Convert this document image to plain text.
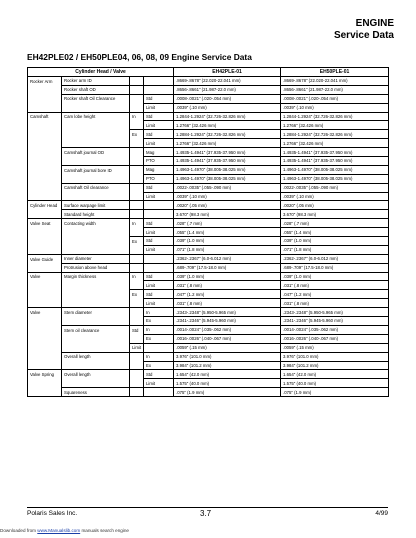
ENGINE
Service Data
EH42PLE02 / EH50PLE04, 06, 08, 09 Engine Service Data
Cylinder Head / Valve				EH42PLE-01	EH50PLE-01
Rocker Arm	Rocker arm ID			.8669-.8678" (22.020-22.041 mm)	.8669-.8678" (22.020-22.041 mm)
	Rocker shaft OD			.8656-.8661" (21.987-22.0 mm)	.8656-.8661" (21.987-22.0 mm)
	Rocker shaft Oil Clearance		Std	.0008-.0021" (.020-.054 mm)	.0008-.0021" (.020-.054 mm)
			Limit	.0039" (.10 mm)	.0039" (.10 mm)
Camshaft	Cam lobe height	In	Std	1.2844-1.2924" (32.726-32.826 mm)	1.2844-1.2924" (32.726-32.826 mm)
			Limit	1.2766" (32.426 mm)	1.2766" (32.426 mm)
		Ex	Std	1.2884-1.2924" (32.726-32.826 mm)	1.2884-1.2924" (32.726-32.826 mm)
			Limit	1.2766" (32.426 mm)	1.2766" (32.426 mm)
	Camshaft journal OD		Mag	1.4935-1.4941" (37.935-37.950 mm)	1.4935-1.4941" (37.935-37.950 mm)
			PTO	1.4935-1.4941" (37.935-37.950 mm)	1.4935-1.4941" (37.935-37.950 mm)
	Camshaft journal bore ID		Mag	1.4963-1.4970" (38.005-38.025 mm)	1.4963-1.4970" (38.005-38.025 mm)
			PTO	1.4963-1.4970" (38.005-38.025 mm)	1.4963-1.4970" (38.005-38.025 mm)
	Camshaft Oil clearance		Std	.0022-.0035" (.055-.090 mm)	.0022-.0035" (.055-.090 mm)
			Limit	.0039" (.10 mm)	.0039" (.10 mm)
Cylinder Head	Surface warpage limit			.0020" (.05 mm)	.0020" (.05 mm)
	Standard height			3.670" (98.3 mm)	3.670" (98.3 mm)
Valve Seat	Contacting width	In	Std	.028" (.7 mm)	.028" (.7 mm)
			Limit	.055" (1.4 mm)	.055" (1.4 mm)
		Ex	Std	.039" (1.0 mm)	.039" (1.0 mm)
			Limit	.071" (1.8 mm)	.071" (1.8 mm)
Valve Guide	Inner diameter			.2362-.2367" (6.0-6.012 mm)	.2362-.2367" (6.0-6.012 mm)
	Protrusion above head			.689-.709" (17.5-18.0 mm)	.689-.709" (17.5-18.0 mm)
Valve	Margin thickness	In	Std	.039" (1.0 mm)	.039" (1.0 mm)
			Limit	.031" (.8 mm)	.031" (.8 mm)
		Ex	Std	.047" (1.2 mm)	.047" (1.2 mm)
			Limit	.031" (.8 mm)	.031" (.8 mm)
Valve	Stem diameter		In	.2343-.2348" (5.950-5.965 mm)	.2343-.2348" (5.950-5.965 mm)
			Ex	.2341-.2346" (5.945-5.960 mm)	.2341-.2346" (5.945-5.960 mm)
	Stem oil clearance	Std	In	.0014-.0024" (.035-.062 mm)	.0014-.0024" (.035-.062 mm)
			Ex	.0016-.0026" (.040-.067 mm)	.0016-.0026" (.040-.067 mm)
		Limit		.0059" (.15 mm)	.0059" (.15 mm)
	Overall length		In	3.976" (101.0 mm)	3.976" (101.0 mm)
			Ex	3.984" (101.2 mm)	3.984" (101.2 mm)
Valve Spring	Overall length		Std	1.654" (42.0 mm)	1.654" (42.0 mm)
			Limit	1.575" (40.0 mm)	1.575" (40.0 mm)
	Squareness			.075" (1.9 mm)	.075" (1.9 mm)
Polaris Sales Inc.	3.7	4/99
Downloaded from www.Manualslib.com manuals search engine
